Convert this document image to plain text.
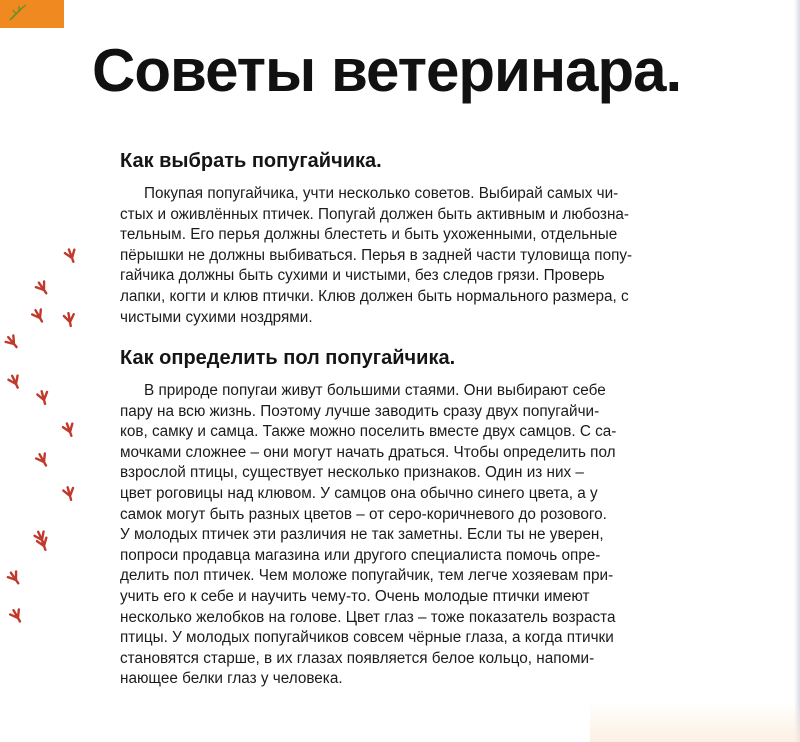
Советы ветеринара.
Как выбрать попугайчика.
Покупая попугайчика, учти несколько советов. Выбирай самых чи-
стых и оживлённых птичек. Попугай должен быть активным и любозна-
тельным. Его перья должны блестеть и быть ухоженными, отдельные
пёрышки не должны выбиваться. Перья в задней части туловища попу-
гайчика должны быть сухими и чистыми, без следов грязи. Проверь
лапки, когти и клюв птички. Клюв должен быть нормального размера, с
чистыми сухими ноздрями.
Как определить пол попугайчика.
В природе попугаи живут большими стаями. Они выбирают себе
пару на всю жизнь. Поэтому лучше заводить сразу двух попугайчи-
ков, самку и самца. Также можно поселить вместе двух самцов. С са-
мочками сложнее – они могут начать драться. Чтобы определить пол
взрослой птицы, существует несколько признаков. Один из них –
цвет роговицы над клювом. У самцов она обычно синего цвета, а у
самок могут быть разных цветов – от серо-коричневого до розового.
У молодых птичек эти различия не так заметны. Если ты не уверен,
попроси продавца магазина или другого специалиста помочь опре-
делить пол птичек. Чем моложе попугайчик, тем легче хозяевам при-
учить его к себе и научить чему-то. Очень молодые птички имеют
несколько желобков на голове. Цвет глаз – тоже показатель возраста
птицы. У молодых попугайчиков совсем чёрные глаза, а когда птички
становятся старше, в их глазах появляется белое кольцо, напоми-
нающее белки глаз у человека.
